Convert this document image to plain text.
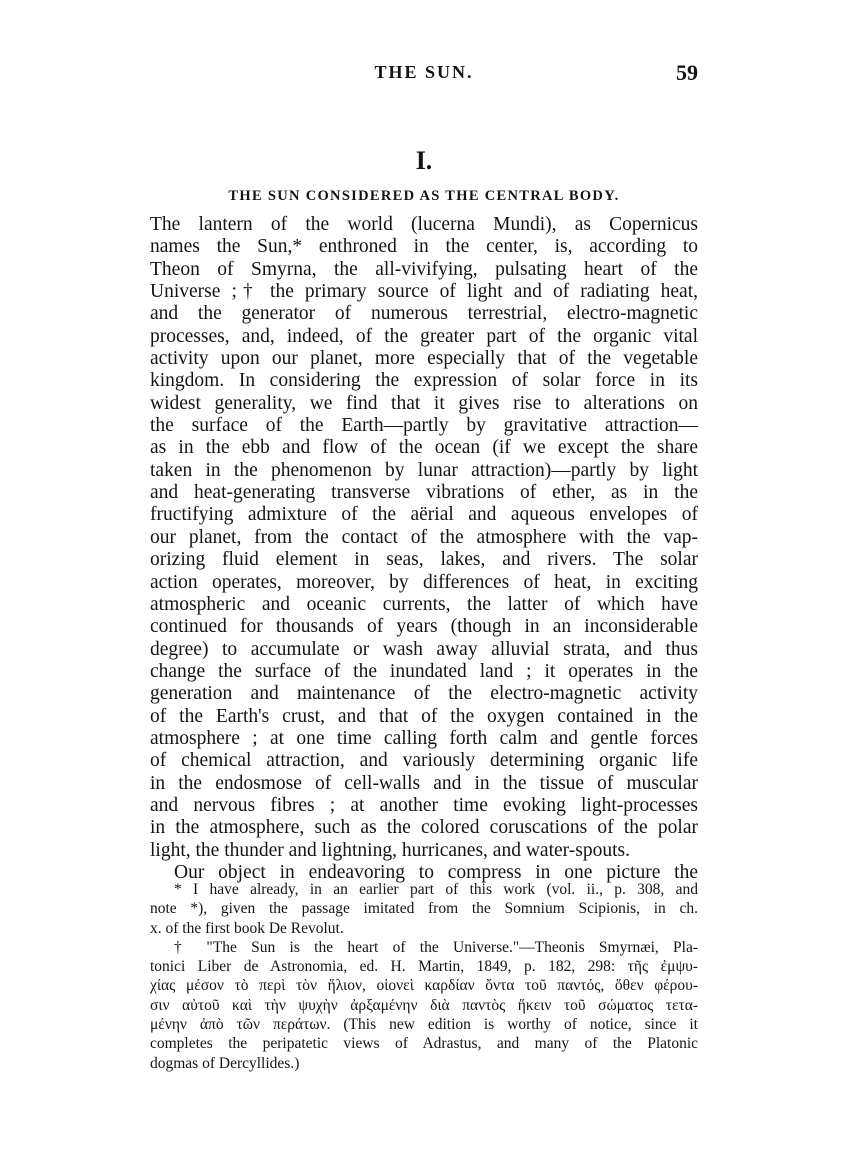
THE SUN.	59
I.
THE SUN CONSIDERED AS THE CENTRAL BODY.
The lantern of the world (lucerna Mundi), as Copernicus
names the Sun,* enthroned in the center, is, according to
Theon of Smyrna, the all-vivifying, pulsating heart of the
Universe ;† the primary source of light and of radiating heat,
and the generator of numerous terrestrial, electro-magnetic
processes, and, indeed, of the greater part of the organic vital
activity upon our planet, more especially that of the vegetable
kingdom. In considering the expression of solar force in its
widest generality, we find that it gives rise to alterations on
the surface of the Earth—partly by gravitative attraction—
as in the ebb and flow of the ocean (if we except the share
taken in the phenomenon by lunar attraction)—partly by light
and heat-generating transverse vibrations of ether, as in the
fructifying admixture of the aërial and aqueous envelopes of
our planet, from the contact of the atmosphere with the vap-
orizing fluid element in seas, lakes, and rivers. The solar
action operates, moreover, by differences of heat, in exciting
atmospheric and oceanic currents, the latter of which have
continued for thousands of years (though in an inconsiderable
degree) to accumulate or wash away alluvial strata, and thus
change the surface of the inundated land ; it operates in the
generation and maintenance of the electro-magnetic activity
of the Earth's crust, and that of the oxygen contained in the
atmosphere ; at one time calling forth calm and gentle forces
of chemical attraction, and variously determining organic life
in the endosmose of cell-walls and in the tissue of muscular
and nervous fibres ; at another time evoking light-processes
in the atmosphere, such as the colored coruscations of the polar
light, the thunder and lightning, hurricanes, and water-spouts.
Our object in endeavoring to compress in one picture the
* I have already, in an earlier part of this work (vol. ii., p. 308, and
note *), given the passage imitated from the Somnium Scipionis, in ch.
x. of the first book De Revolut.
† "The Sun is the heart of the Universe."—Theonis Smyrnæi, Pla-
tonici Liber de Astronomia, ed. H. Martin, 1849, p. 182, 298: τῆς ἐμψυ-
χίας μέσον τὸ περὶ τὸν ἥλιον, οἱονεὶ καρδίαν ὄντα τοῦ παντός, ὅθεν φέρου-
σιν αὐτοῦ καὶ τὴν ψυχὴν ἀρξαμένην διὰ παντὸς ἥκειν τοῦ σώματος τετα-
μένην ἀπὸ τῶν περάτων. (This new edition is worthy of notice, since it
completes the peripatetic views of Adrastus, and many of the Platonic
dogmas of Dercyllides.)
